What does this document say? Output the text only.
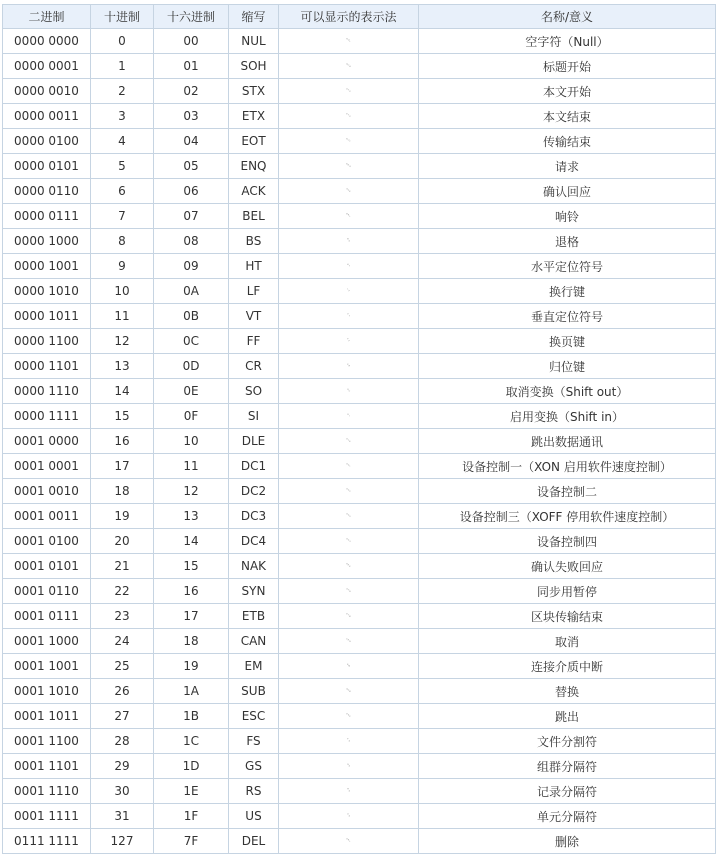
二进制	十进制	十六进制	缩写	可以显示的表示法	名称/意义
0000 0000	0	00	NUL	␀	空字符（Null）
0000 0001	1	01	SOH	␁	标题开始
0000 0010	2	02	STX	␂	本文开始
0000 0011	3	03	ETX	␃	本文结束
0000 0100	4	04	EOT	␄	传输结束
0000 0101	5	05	ENQ	␅	请求
0000 0110	6	06	ACK	␆	确认回应
0000 0111	7	07	BEL	␇	响铃
0000 1000	8	08	BS	␈	退格
0000 1001	9	09	HT	␉	水平定位符号
0000 1010	10	0A	LF	␊	换行键
0000 1011	11	0B	VT	␋	垂直定位符号
0000 1100	12	0C	FF	␌	换页键
0000 1101	13	0D	CR	␍	归位键
0000 1110	14	0E	SO	␎	取消变换（Shift out）
0000 1111	15	0F	SI	␏	启用变换（Shift in）
0001 0000	16	10	DLE	␐	跳出数据通讯
0001 0001	17	11	DC1	␑	设备控制一（XON 启用软件速度控制）
0001 0010	18	12	DC2	␒	设备控制二
0001 0011	19	13	DC3	␓	设备控制三（XOFF 停用软件速度控制）
0001 0100	20	14	DC4	␔	设备控制四
0001 0101	21	15	NAK	␕	确认失败回应
0001 0110	22	16	SYN	␖	同步用暂停
0001 0111	23	17	ETB	␗	区块传输结束
0001 1000	24	18	CAN	␘	取消
0001 1001	25	19	EM	␙	连接介质中断
0001 1010	26	1A	SUB	␚	替换
0001 1011	27	1B	ESC	␛	跳出
0001 1100	28	1C	FS	␜	文件分割符
0001 1101	29	1D	GS	␝	组群分隔符
0001 1110	30	1E	RS	␞	记录分隔符
0001 1111	31	1F	US	␟	单元分隔符
0111 1111	127	7F	DEL	␡	删除
